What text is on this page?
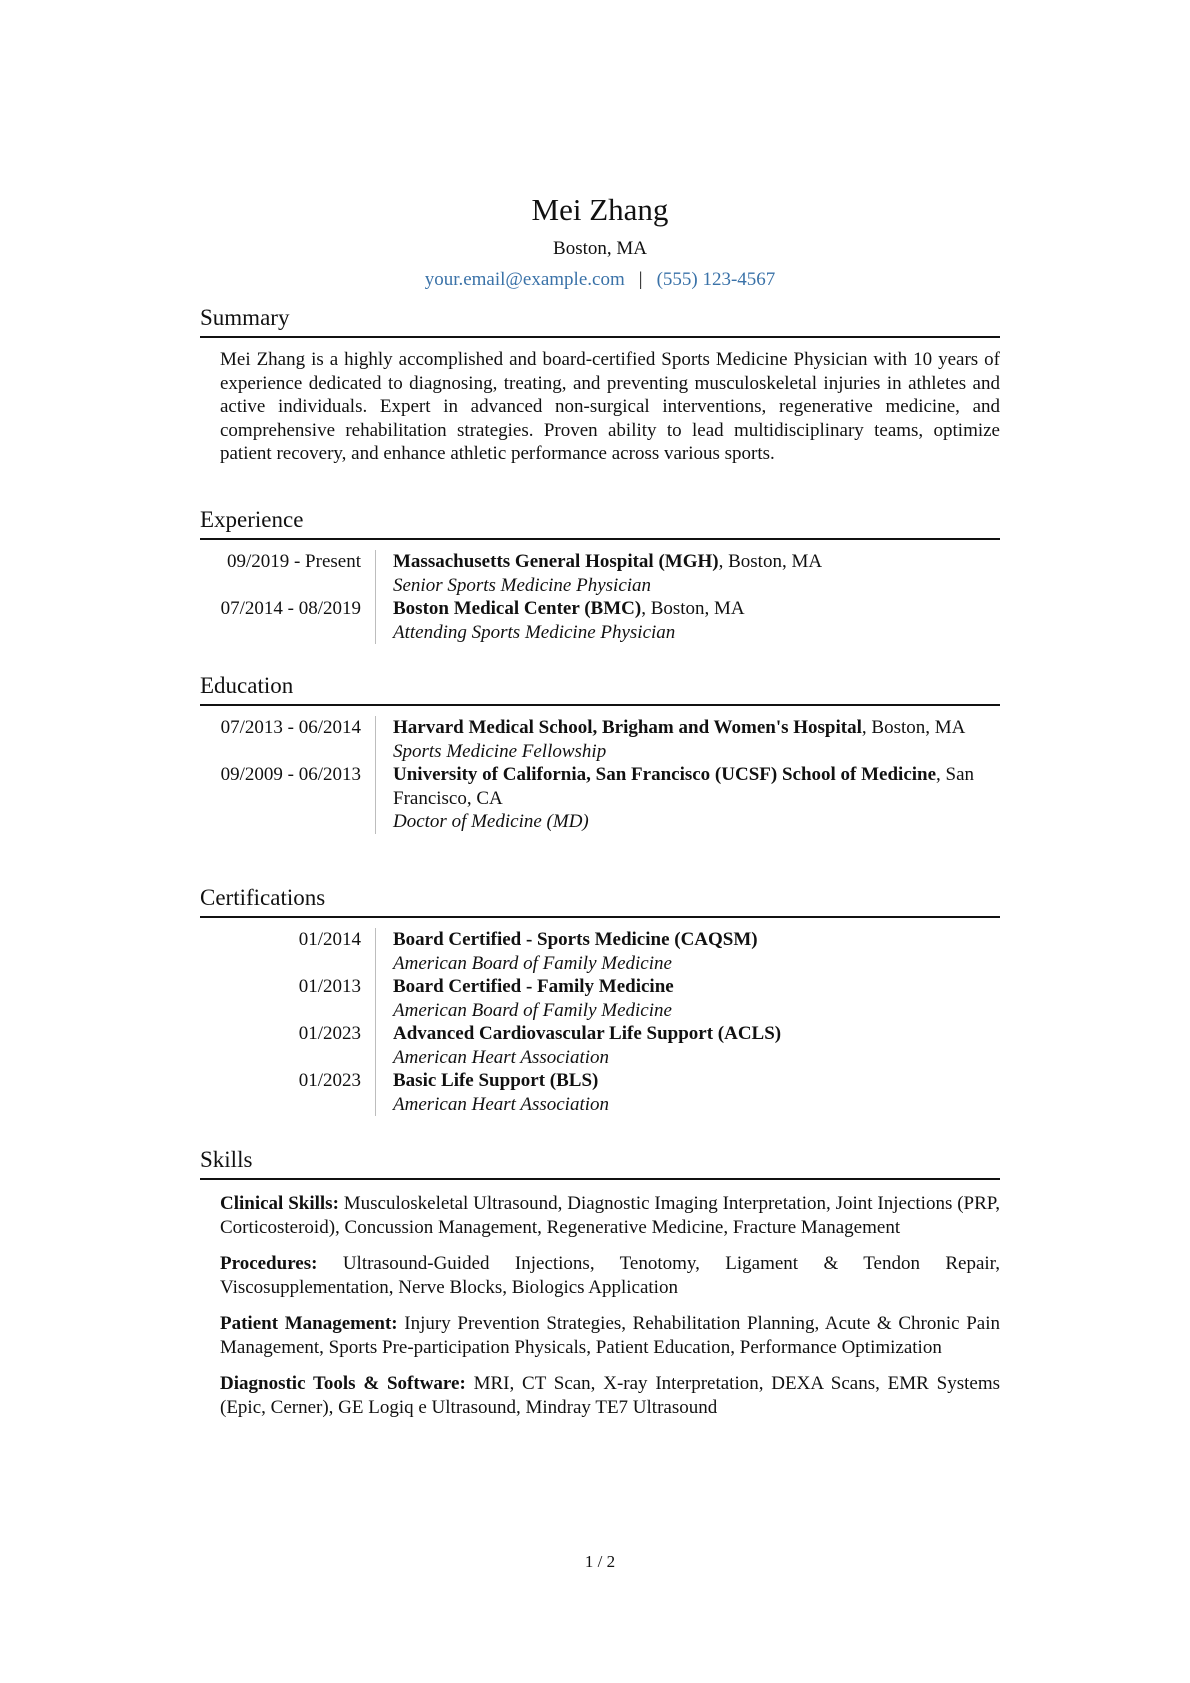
Mei Zhang
Boston, MA
your.email@example.com | (555) 123-4567
Summary

Mei Zhang is a highly accomplished and board-certified Sports Medicine Physician with 10 years of experience dedicated to diagnosing, treating, and preventing musculoskeletal injuries in athletes and active individuals. Expert in advanced non-surgical interventions, regenerative medicine, and comprehensive rehabilitation strategies. Proven ability to lead multidisciplinary teams, optimize patient recovery, and enhance athletic performance across various sports.

Experience
09/2019 - Present	Massachusetts General Hospital (MGH), Boston, MA
Senior Sports Medicine Physician
07/2014 - 08/2019	Boston Medical Center (BMC), Boston, MA
Attending Sports Medicine Physician
Education
07/2013 - 06/2014	Harvard Medical School, Brigham and Women's Hospital, Boston, MA
Sports Medicine Fellowship
09/2009 - 06/2013	University of California, San Francisco (UCSF) School of Medicine, San Francisco, CA
Doctor of Medicine (MD)
Certifications
01/2014	Board Certified - Sports Medicine (CAQSM)
American Board of Family Medicine
01/2013	Board Certified - Family Medicine
American Board of Family Medicine
01/2023	Advanced Cardiovascular Life Support (ACLS)
American Heart Association
01/2023	Basic Life Support (BLS)
American Heart Association
Skills
Clinical Skills: Musculoskeletal Ultrasound, Diagnostic Imaging Interpretation, Joint Injections (PRP, Corticosteroid), Concussion Management, Regenerative Medicine, Fracture Management
Procedures: Ultrasound-Guided Injections, Tenotomy, Ligament & Tendon Repair, Viscosupplementation, Nerve Blocks, Biologics Application
Patient Management: Injury Prevention Strategies, Rehabilitation Planning, Acute & Chronic Pain Management, Sports Pre-participation Physicals, Patient Education, Performance Optimization
Diagnostic Tools & Software: MRI, CT Scan, X-ray Interpretation, DEXA Scans, EMR Systems (Epic, Cerner), GE Logiq e Ultrasound, Mindray TE7 Ultrasound
1 / 2
